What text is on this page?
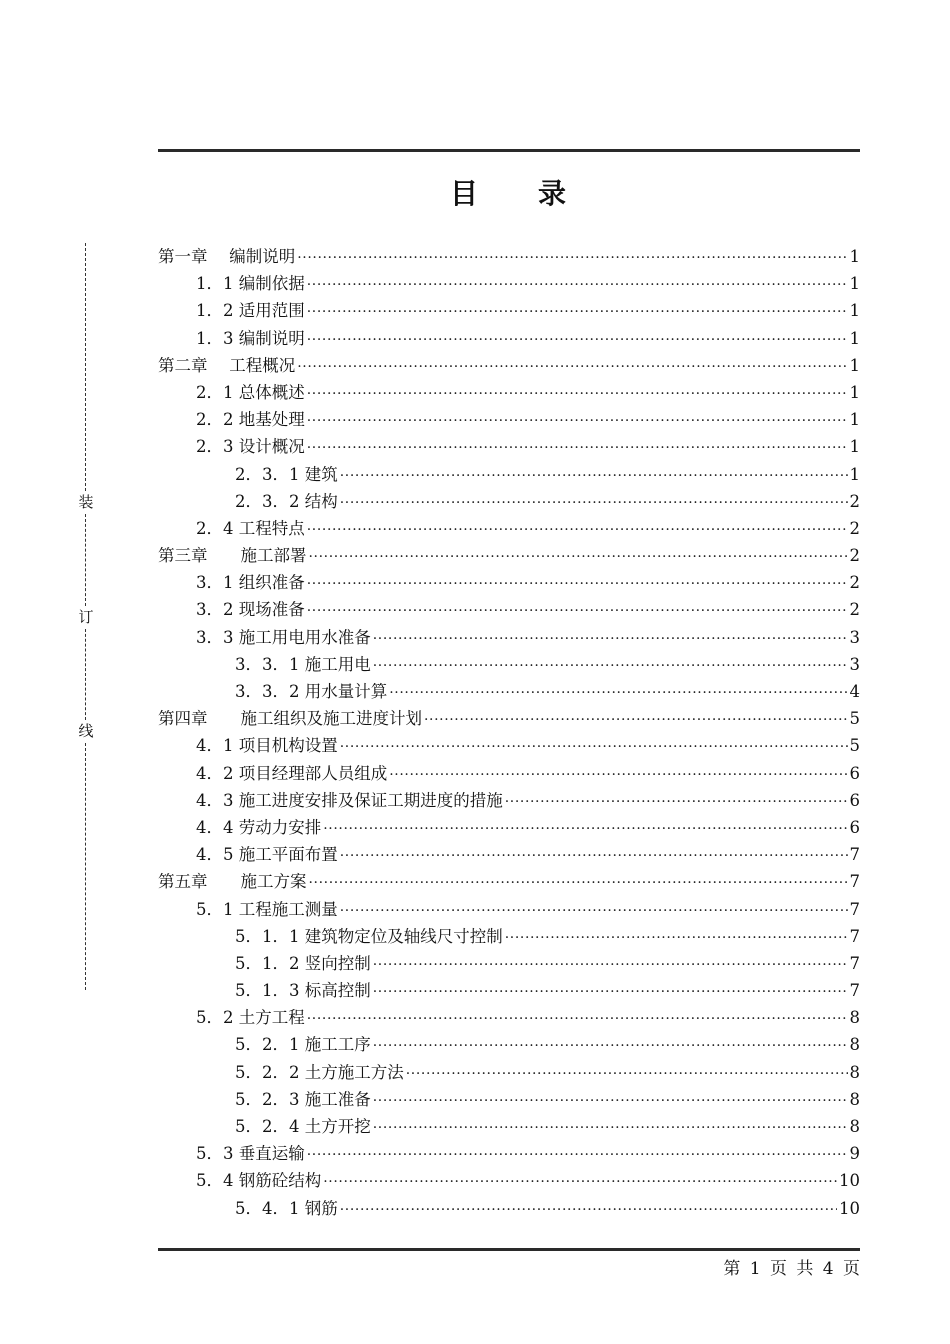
目 录
装
订
线
第一章　 编制说明 ·····	1
1．1 编制依据 ·····	1
1．2 适用范围 ·····	1
1．3 编制说明 ·····	1
第二章　 工程概况 ·····	1
2．1 总体概述 ·····	1
2．2 地基处理 ·····	1
2．3 设计概况 ·····	1
2．3．1 建筑 ·····	1
2．3．2 结构 ·····	2
2．4 工程特点 ·····	2
第三章　　施工部署 ·····	2
3．1 组织准备 ·····	2
3．2 现场准备 ·····	2
3．3 施工用电用水准备 ·····	3
3．3．1 施工用电 ·····	3
3．3．2 用水量计算 ·····	4
第四章　　施工组织及施工进度计划 ·····	5
4．1 项目机构设置 ·····	5
4．2 项目经理部人员组成 ·····	6
4．3 施工进度安排及保证工期进度的措施 ·····	6
4．4 劳动力安排 ·····	6
4．5 施工平面布置 ·····	7
第五章　　施工方案 ·····	7
5．1 工程施工测量 ·····	7
5．1．1 建筑物定位及轴线尺寸控制 ·····	7
5．1．2 竖向控制 ·····	7
5．1．3 标高控制 ·····	7
5．2 土方工程 ·····	8
5．2．1 施工工序 ·····	8
5．2．2 土方施工方法 ·····	8
5．2．3 施工准备 ·····	8
5．2．4 土方开挖 ·····	8
5．3 垂直运输 ·····	9
5．4 钢筋砼结构 ·····	10
5．4．1 钢筋 ·····	10
第 1 页 共 4 页
